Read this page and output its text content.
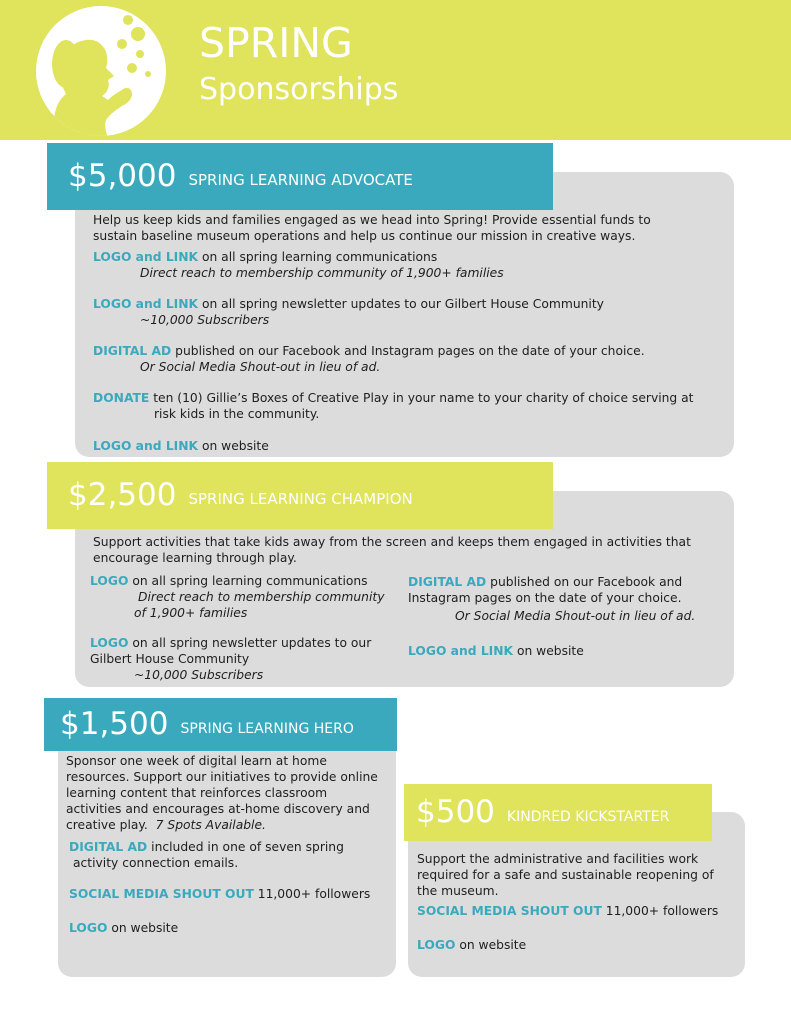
SPRING
Sponsorships
$5,000 SPRING LEARNING ADVOCATE

Help us keep kids and families engaged as we head into Spring! Provide essential funds to
sustain baseline museum operations and help us continue our mission in creative ways.

LOGO and LINK on all spring learning communications

Direct reach to membership community of 1,900+ families

LOGO and LINK on all spring newsletter updates to our Gilbert House Community

~10,000 Subscribers

DIGITAL AD published on our Facebook and Instagram pages on the date of your choice.

Or Social Media Shout-out in lieu of ad.

DONATE ten (10) Gillie’s Boxes of Creative Play in your name to your charity of choice serving at

risk kids in the community.

LOGO and LINK on website

$2,500 SPRING LEARNING CHAMPION

Support activities that take kids away from the screen and keeps them engaged in activities that
encourage learning through play.

LOGO on all spring learning communications

Direct reach to membership community
of 1,900+ families

LOGO on all spring newsletter updates to our
Gilbert House Community

~10,000 Subscribers

DIGITAL AD published on our Facebook and
Instagram pages on the date of your choice.

Or Social Media Shout-out in lieu of ad.

LOGO and LINK on website

$1,500 SPRING LEARNING HERO

Sponsor one week of digital learn at home
resources. Support our initiatives to provide online
learning content that reinforces classroom
activities and encourages at-home discovery and
creative play. 7 Spots Available.

DIGITAL AD included in one of seven spring
activity connection emails.

SOCIAL MEDIA SHOUT OUT 11,000+ followers

LOGO on website

$500 KINDRED KICKSTARTER

Support the administrative and facilities work
required for a safe and sustainable reopening of
the museum.

SOCIAL MEDIA SHOUT OUT 11,000+ followers

LOGO on website
